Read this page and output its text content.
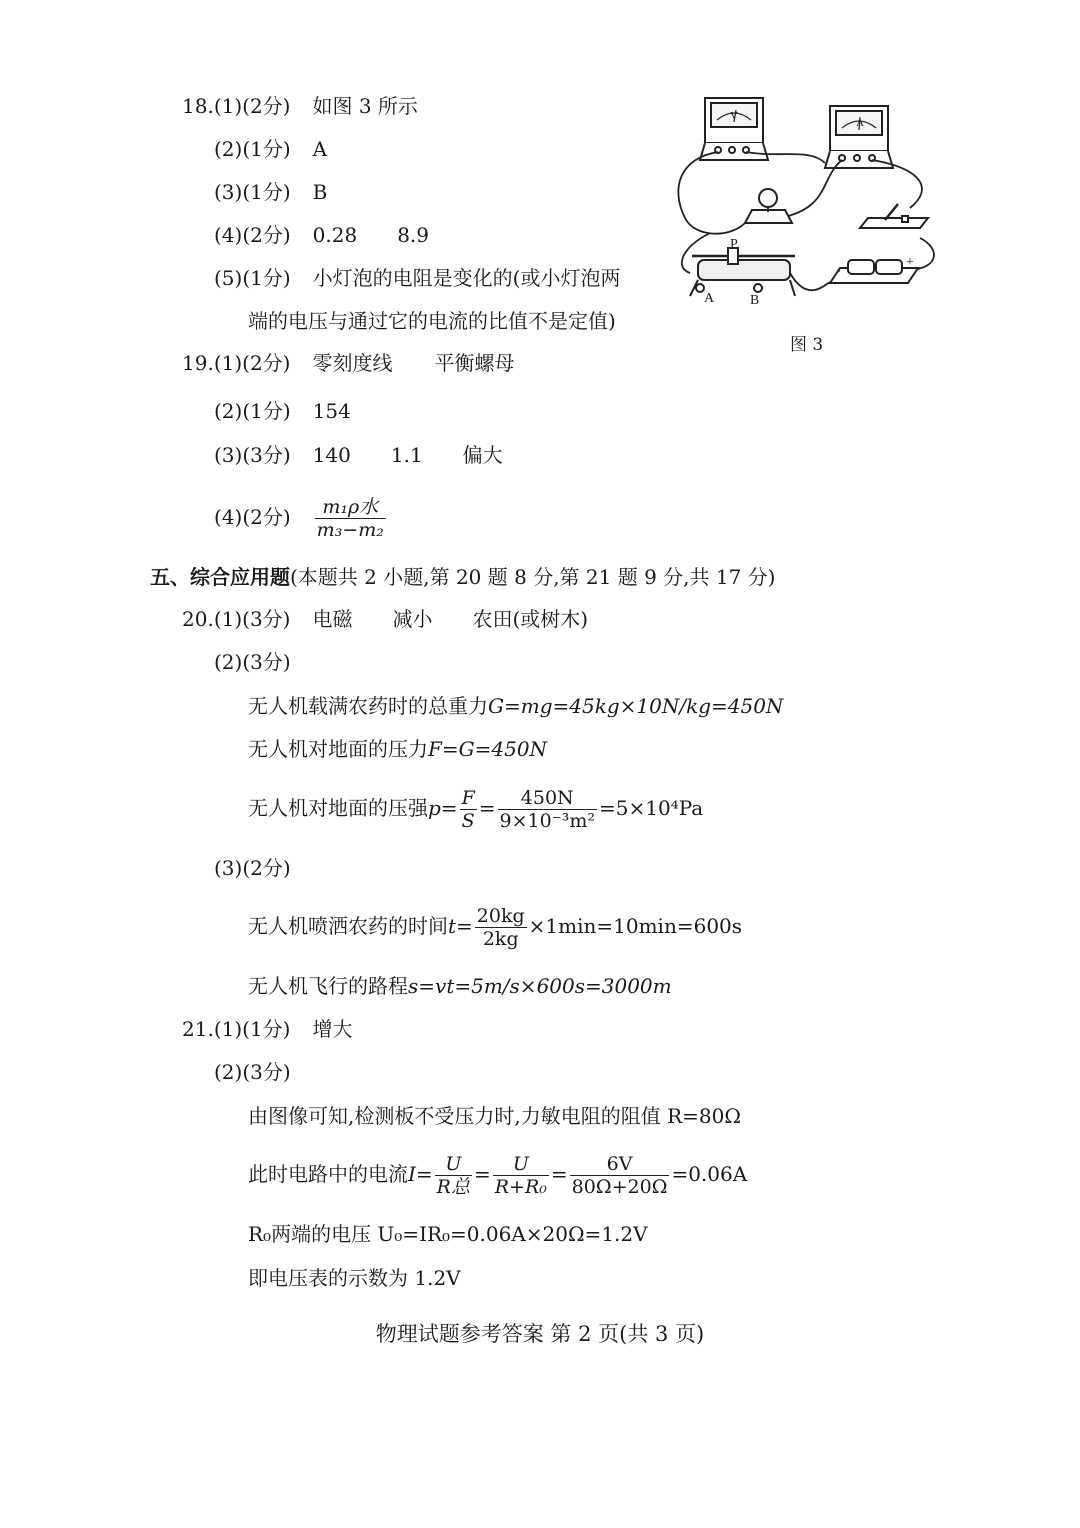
18.(1)(2分) 如图 3 所示
(2)(1分) A
(3)(1分) B
(4)(2分) 0.28 8.9
(5)(1分) 小灯泡的电阻是变化的(或小灯泡两
端的电压与通过它的电流的比值不是定值)
P
A	B
V
A
-
+
图 3
19.(1)(2分) 零刻度线 平衡螺母
(2)(1分) 154
(3)(3分) 140 1.1 偏大
(4)(2分) $\frac{\text{m₁ρ水}}{\text{m₃−m₂}}$
五、综合应用题(本题共 2 小题,第 20 题 8 分,第 21 题 9 分,共 17 分)
20.(1)(3分) 电磁 减小 农田(或树木)
(2)(3分)
无人机载满农药时的总重力G=mg=45kg×10N/kg=450N
无人机对地面的压力F=G=450N
无人机对地面的压强$p= \frac{F}{S} = \frac{450N}{\text{9×10⁻³m²}} =5\times 10^4Pa$
(3)(2分)
无人机喷洒农药的时间$t= \frac{20kg}{2kg} \times 1\min=10\min=600s$
无人机飞行的路程s=vt=5m/s×600s=3000m
21.(1)(1分) 增大
(2)(3分)
由图像可知,检测板不受压力时,力敏电阻的阻值 R=80Ω
此时电路中的电流$I= \frac{U}{\text{R总}} = \frac{U}{\text{R+R₀}} = \frac{6V}{80\Omega+20\Omega} =0.06A$
R₀两端的电压 U₀=IR₀=0.06A×20Ω=1.2V
即电压表的示数为 1.2V
物理试题参考答案 第 2 页(共 3 页)
